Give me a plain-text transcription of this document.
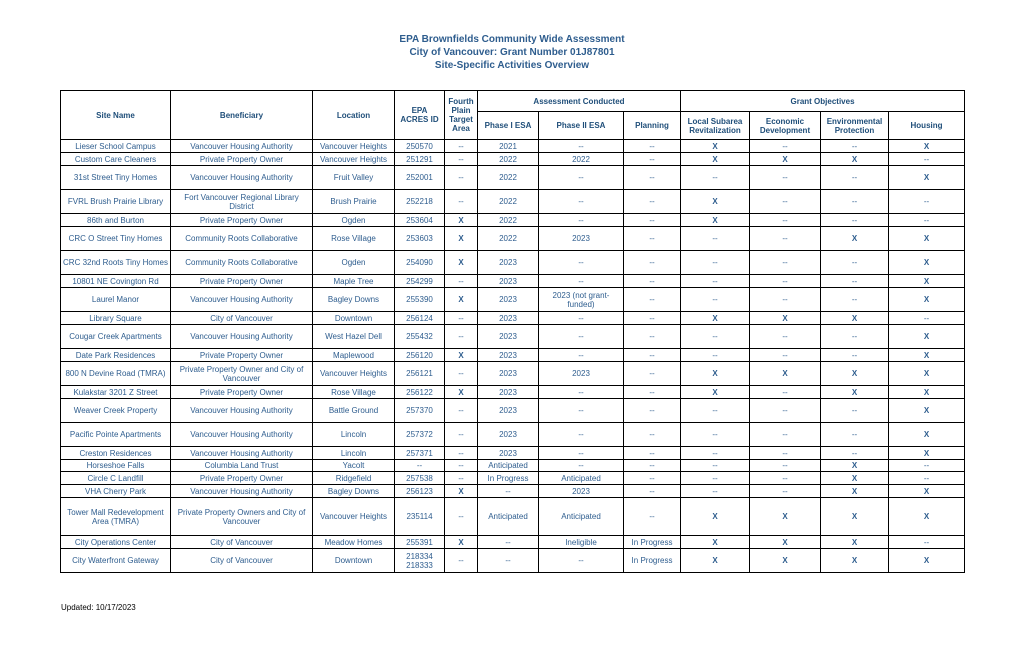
EPA Brownfields Community Wide Assessment
City of Vancouver: Grant Number 01J87801
Site-Specific Activities Overview
Site Name	Beneficiary	Location	EPA ACRES ID	Fourth Plain Target Area	Assessment Conducted			Grant Objectives			
					Phase I ESA	Phase II ESA	Planning	Local Subarea Revitalization	Economic Development	Environmental Protection	Housing
Lieser School Campus	Vancouver Housing Authority	Vancouver Heights	250570	--	2021	--	--	X	--	--	X
Custom Care Cleaners	Private Property Owner	Vancouver Heights	251291	--	2022	2022	--	X	X	X	--
31st Street Tiny Homes	Vancouver Housing Authority	Fruit Valley	252001	--	2022	--	--	--	--	--	X
FVRL Brush Prairie Library	Fort Vancouver Regional Library District	Brush Prairie	252218	--	2022	--	--	X	--	--	--
86th and Burton	Private Property Owner	Ogden	253604	X	2022	--	--	X	--	--	--
CRC O Street Tiny Homes	Community Roots Collaborative	Rose Village	253603	X	2022	2023	--	--	--	X	X
CRC 32nd Roots Tiny Homes	Community Roots Collaborative	Ogden	254090	X	2023	--	--	--	--	--	X
10801 NE Covington Rd	Private Property Owner	Maple Tree	254299	--	2023	--	--	--	--	--	X
Laurel Manor	Vancouver Housing Authority	Bagley Downs	255390	X	2023	2023 (not grant-funded)	--	--	--	--	X
Library Square	City of Vancouver	Downtown	256124	--	2023	--	--	X	X	X	--
Cougar Creek Apartments	Vancouver Housing Authority	West Hazel Dell	255432	--	2023	--	--	--	--	--	X
Date Park Residences	Private Property Owner	Maplewood	256120	X	2023	--	--	--	--	--	X
800 N Devine Road (TMRA)	Private Property Owner and City of Vancouver	Vancouver Heights	256121	--	2023	2023	--	X	X	X	X
Kulakstar 3201 Z Street	Private Property Owner	Rose Village	256122	X	2023	--	--	X	--	X	X
Weaver Creek Property	Vancouver Housing Authority	Battle Ground	257370	--	2023	--	--	--	--	--	X
Pacific Pointe Apartments	Vancouver Housing Authority	Lincoln	257372	--	2023	--	--	--	--	--	X
Creston Residences	Vancouver Housing Authority	Lincoln	257371	--	2023	--	--	--	--	--	X
Horseshoe Falls	Columbia Land Trust	Yacolt	--	--	Anticipated	--	--	--	--	X	--
Circle C Landfill	Private Property Owner	Ridgefield	257538	--	In Progress	Anticipated	--	--	--	X	--
VHA Cherry Park	Vancouver Housing Authority	Bagley Downs	256123	X	--	2023	--	--	--	X	X
Tower Mall Redevelopment Area (TMRA)	Private Property Owners and City of Vancouver	Vancouver Heights	235114	--	Anticipated	Anticipated	--	X	X	X	X
City Operations Center	City of Vancouver	Meadow Homes	255391	X	--	Ineligible	In Progress	X	X	X	--
City Waterfront Gateway	City of Vancouver	Downtown	218334 218333	--	--	--	In Progress	X	X	X	X
Updated: 10/17/2023
